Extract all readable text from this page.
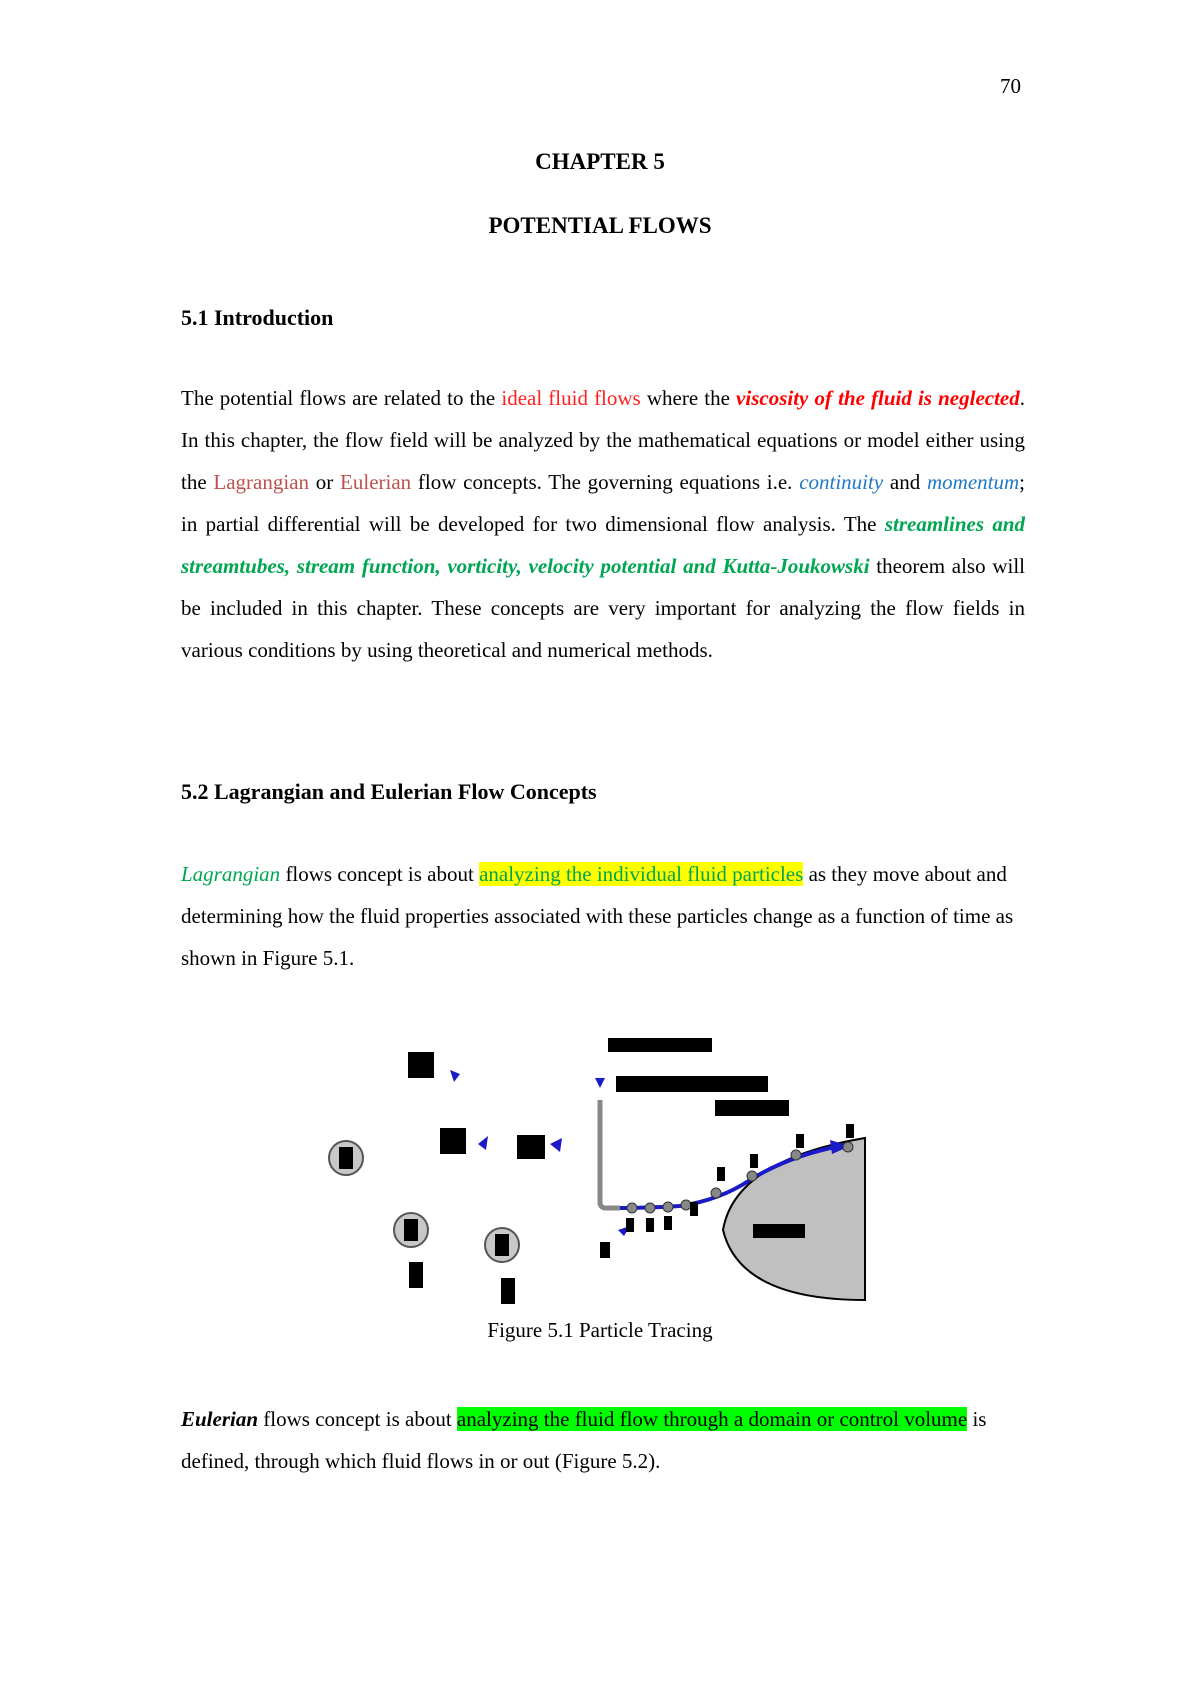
70
CHAPTER 5
POTENTIAL FLOWS
5.1 Introduction

The potential flows are related to the ideal fluid flows where the viscosity of the fluid is neglected. In this chapter, the flow field will be analyzed by the mathematical equations or model either using the Lagrangian or Eulerian flow concepts. The governing equations i.e. continuity and momentum; in partial differential will be developed for two dimensional flow analysis. The streamlines and streamtubes, stream function, vorticity, velocity potential and Kutta-Joukowski theorem also will be included in this chapter. These concepts are very important for analyzing the flow fields in various conditions by using theoretical and numerical methods.

5.2 Lagrangian and Eulerian Flow Concepts

Lagrangian flows concept is about analyzing the individual fluid particles as they move about and determining how the fluid properties associated with these particles change as a function of time as shown in Figure 5.1.

Figure 5.1 Particle Tracing

Eulerian flows concept is about analyzing the fluid flow through a domain or control volume is defined, through which fluid flows in or out (Figure 5.2).
